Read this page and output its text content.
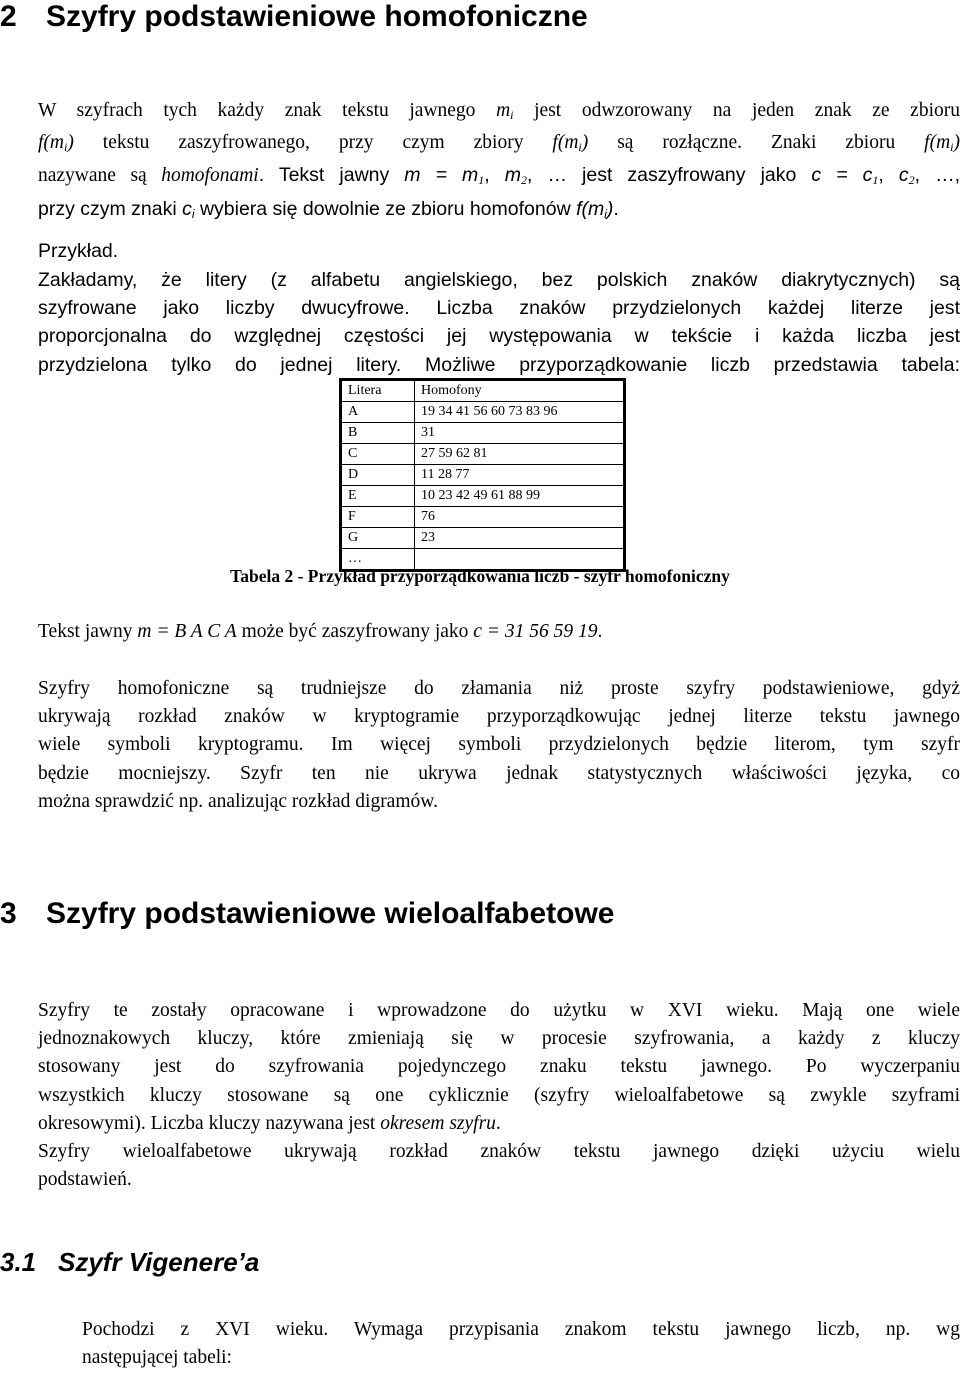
2 Szyfry podstawieniowe homofoniczne
W szyfrach tych każdy znak tekstu jawnego $m_i$ jest odwzorowany na jeden znak ze zbioru
$f(m_i)$ tekstu zaszyfrowanego, przy czym zbiory $f(m_i)$ są rozłączne. Znaki zbioru $f(m_i)$
nazywane są homofonami. Tekst jawny $m = m_1$, $m_2$, … jest zaszyfrowany jako $c = c_1$, $c_2$, …,
przy czym znaki $c_i$ wybiera się dowolnie ze zbioru homofonów $f(m_i)$.
Przykład.
Zakładamy, że litery (z alfabetu angielskiego, bez polskich znaków diakrytycznych) są
szyfrowane jako liczby dwucyfrowe. Liczba znaków przydzielonych każdej literze jest
proporcjonalna do względnej częstości jej występowania w tekście i każda liczba jest
przydzielona tylko do jednej litery. Możliwe przyporządkowanie liczb przedstawia tabela:
Litera	Homofony
A	19 34 41 56 60 73 83 96
B	31
C	27 59 62 81
D	11 28 77
E	10 23 42 49 61 88 99
F	76
G	23
…	
Tabela 2 - Przykład przyporządkowania liczb - szyfr homofoniczny
Tekst jawny m = B A C A może być zaszyfrowany jako c = 31 56 59 19.
Szyfry homofoniczne są trudniejsze do złamania niż proste szyfry podstawieniowe, gdyż
ukrywają rozkład znaków w kryptogramie przyporządkowując jednej literze tekstu jawnego
wiele symboli kryptogramu. Im więcej symboli przydzielonych będzie literom, tym szyfr
będzie mocniejszy. Szyfr ten nie ukrywa jednak statystycznych właściwości języka, co
można sprawdzić np. analizując rozkład digramów.
3 Szyfry podstawieniowe wieloalfabetowe
Szyfry te zostały opracowane i wprowadzone do użytku w XVI wieku. Mają one wiele
jednoznakowych kluczy, które zmieniają się w procesie szyfrowania, a każdy z kluczy
stosowany jest do szyfrowania pojedynczego znaku tekstu jawnego. Po wyczerpaniu
wszystkich kluczy stosowane są one cyklicznie (szyfry wieloalfabetowe są zwykle szyframi
okresowymi). Liczba kluczy nazywana jest okresem szyfru.
Szyfry wieloalfabetowe ukrywają rozkład znaków tekstu jawnego dzięki użyciu wielu
podstawień.
3.1 Szyfr Vigenere’a
Pochodzi z XVI wieku. Wymaga przypisania znakom tekstu jawnego liczb, np. wg
następującej tabeli:
